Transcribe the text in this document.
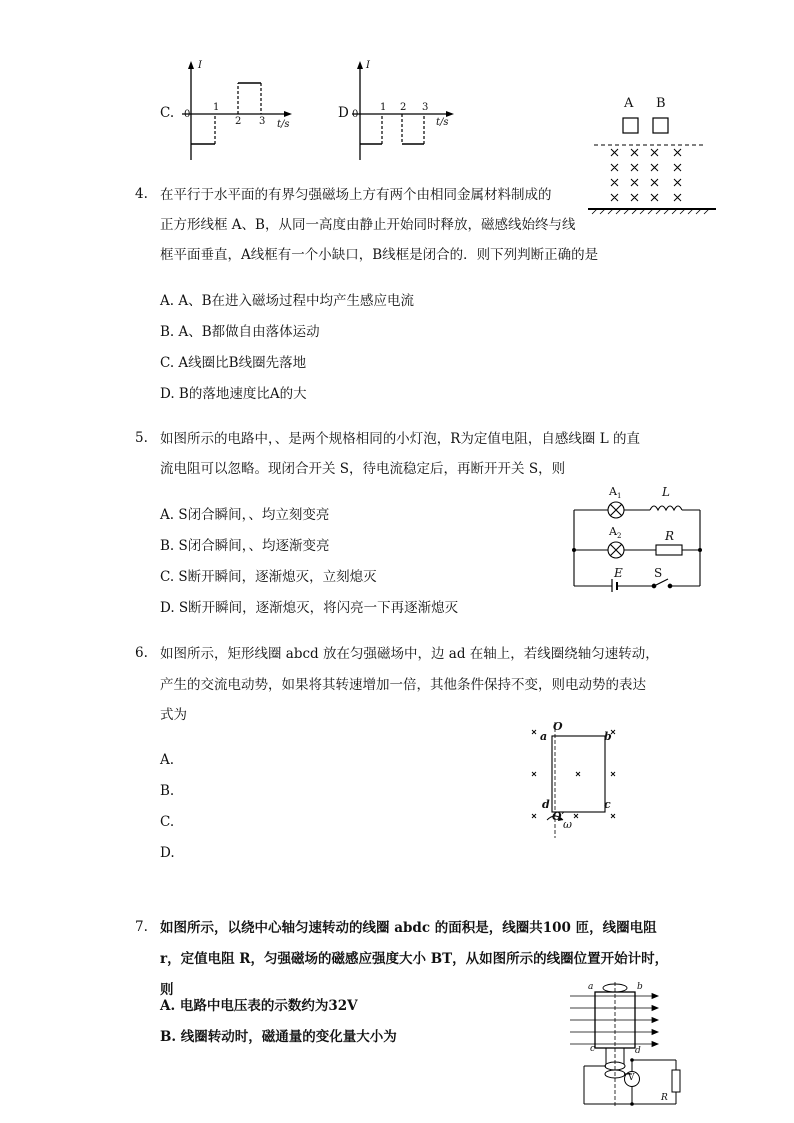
C.
I
0
1
2 3 t/s
D
I
0
1 2 3
t/s
A B
4. 在平行于水平面的有界匀强磁场上方有两个由相同金属材料制成的
正方形线框 A、B，从同一高度由静止开始同时释放，磁感线始终与线
框平面垂直，A线框有一个小缺口，B线框是闭合的．则下列判断正确的是
A. A、B在进入磁场过程中均产生感应电流
B. A、B都做自由落体运动
C. A线圈比B线圈先落地
D. B的落地速度比A的大
5. 如图所示的电路中，、是两个规格相同的小灯泡，R为定值电阻，自感线圈 L 的直
流电阻可以忽略。现闭合开关 S，待电流稳定后，再断开开关 S，则
A. S闭合瞬间，、均立刻变亮
B. S闭合瞬间，、均逐渐变亮
C. S断开瞬间，逐渐熄灭，立刻熄灭
D. S断开瞬间，逐渐熄灭，将闪亮一下再逐渐熄灭
$A_1$	L
$A_2$	R
E	S
6. 如图所示，矩形线圈 abcd 放在匀强磁场中，边 ad 在轴上，若线圈绕轴匀速转动，
产生的交流电动势，如果将其转速增加一倍，其他条件保持不变，则电动势的表达
式为
A.
B.
C.
D.
O
a	b
d	c
O′
ω
7. 如图所示，以绕中心轴匀速转动的线圈 abdc 的面积是，线圈共100 匝，线圈电阻
r，定值电阻 R，匀强磁场的磁感应强度大小 BT，从如图所示的线圈位置开始计时，
则
A. 电路中电压表的示数约为32V
B. 线圈转动时，磁通量的变化量大小为
a	b
c	d
V
R
